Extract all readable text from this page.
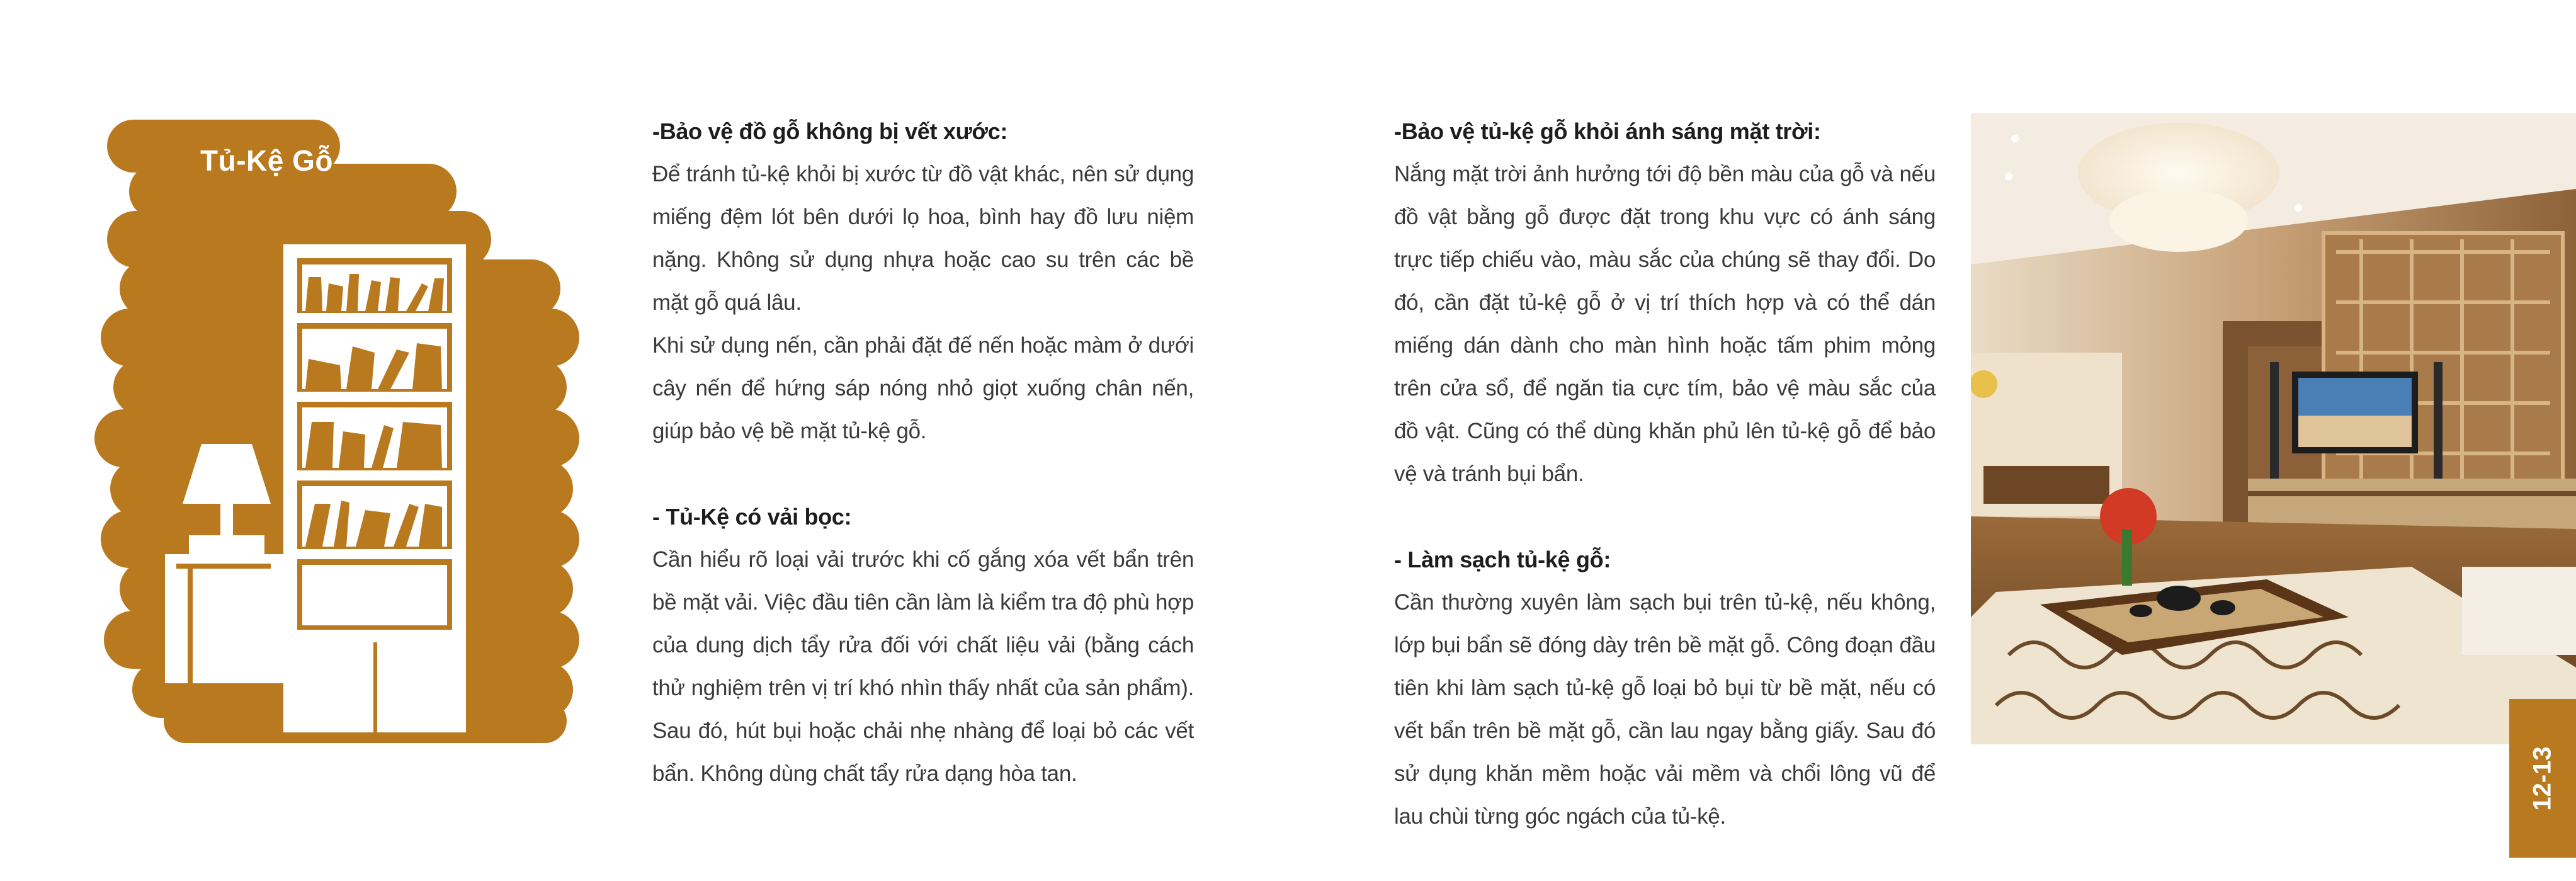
Tủ-Kệ Gỗ
-Bảo vệ đồ gỗ không bị vết xước:

Để tránh tủ-kệ khỏi bị xước từ đồ vật khác, nên sử dụng miếng đệm lót bên dưới lọ hoa, bình hay đồ lưu niệm nặng. Không sử dụng nhựa hoặc cao su trên các bề mặt gỗ quá lâu.

Khi sử dụng nến, cần phải đặt đế nến hoặc màm ở dưới cây nến để hứng sáp nóng nhỏ giọt xuống chân nến, giúp bảo vệ bề mặt tủ-kệ gỗ.

- Tủ-Kệ có vải bọc:

Cần hiểu rõ loại vải trước khi cố gắng xóa vết bẩn trên bề mặt vải. Việc đầu tiên cần làm là kiểm tra độ phù hợp của dung dịch tẩy rửa đối với chất liệu vải (bằng cách thử nghiệm trên vị trí khó nhìn thấy nhất của sản phẩm). Sau đó, hút bụi hoặc chải nhẹ nhàng để loại bỏ các vết bẩn. Không dùng chất tẩy rửa dạng hòa tan.

-Bảo vệ tủ-kệ gỗ khỏi ánh sáng mặt trời:

Nắng mặt trời ảnh hưởng tới độ bền màu của gỗ và nếu đồ vật bằng gỗ được đặt trong khu vực có ánh sáng trực tiếp chiếu vào, màu sắc của chúng sẽ thay đổi. Do đó, cần đặt tủ-kệ gỗ ở vị trí thích hợp và có thể dán miếng dán dành cho màn hình hoặc tấm phim mỏng trên cửa sổ, để ngăn tia cực tím, bảo vệ màu sắc của đồ vật. Cũng có thể dùng khăn phủ lên tủ-kệ gỗ để bảo vệ và tránh bụi bẩn.

- Làm sạch tủ-kệ gỗ:

Cần thường xuyên làm sạch bụi trên tủ-kệ, nếu không, lớp bụi bẩn sẽ đóng dày trên bề mặt gỗ. Công đoạn đầu tiên khi làm sạch tủ-kệ gỗ loại bỏ bụi từ bề mặt, nếu có vết bẩn trên bề mặt gỗ, cần lau ngay bằng giấy. Sau đó sử dụng khăn mềm hoặc vải mềm và chổi lông vũ để lau chùi từng góc ngách của tủ-kệ.

12-13
